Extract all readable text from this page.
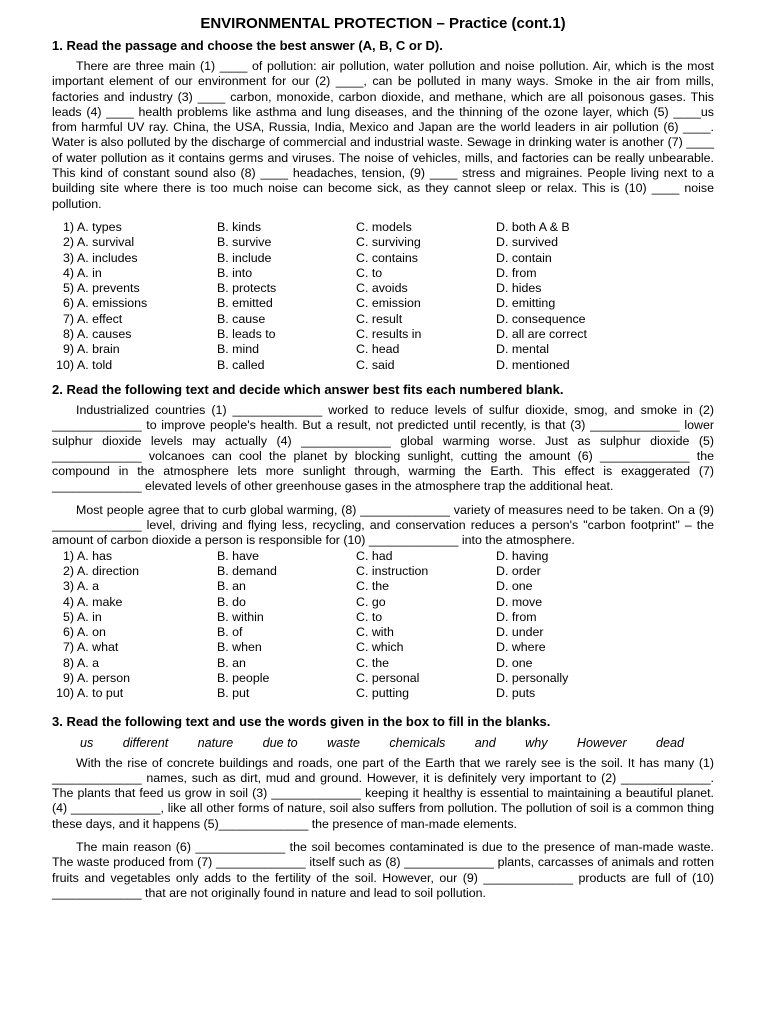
ENVIRONMENTAL PROTECTION – Practice (cont.1)
1. Read the passage and choose the best answer (A, B, C or D).

There are three main (1) ____ of pollution: air pollution, water pollution and noise pollution. Air, which is the most important element of our environment for our (2) ____, can be polluted in many ways. Smoke in the air from mills, factories and industry (3) ____ carbon, monoxide, carbon dioxide, and methane, which are all poisonous gases. This leads (4) ____ health problems like asthma and lung diseases, and the thinning of the ozone layer, which (5) ____us from harmful UV ray. China, the USA, Russia, India, Mexico and Japan are the world leaders in air pollution (6) ____. Water is also polluted by the discharge of commercial and industrial waste. Sewage in drinking water is another (7) ____ of water pollution as it contains germs and viruses. The noise of vehicles, mills, and factories can be really unbearable. This kind of constant sound also (8) ____ headaches, tension, (9) ____ stress and migraines. People living next to a building site where there is too much noise can become sick, as they cannot sleep or relax. This is (10) ____ noise pollution.

1) A. types	B. kinds	C. models	D. both A & B
2) A. survival	B. survive	C. surviving	D. survived
3) A. includes	B. include	C. contains	D. contain
4) A. in	B. into	C. to	D. from
5) A. prevents	B. protects	C. avoids	D. hides
6) A. emissions	B. emitted	C. emission	D. emitting
7) A. effect	B. cause	C. result	D. consequence
8) A. causes	B. leads to	C. results in	D. all are correct
9) A. brain	B. mind	C. head	D. mental
10) A. told	B. called	C. said	D. mentioned
2. Read the following text and decide which answer best fits each numbered blank.

Industrialized countries (1) _____________ worked to reduce levels of sulfur dioxide, smog, and smoke in (2) _____________ to improve people's health. But a result, not predicted until recently, is that (3) _____________ lower sulphur dioxide levels may actually (4) _____________ global warming worse. Just as sulphur dioxide (5) _____________ volcanoes can cool the planet by blocking sunlight, cutting the amount (6) _____________ the compound in the atmosphere lets more sunlight through, warming the Earth. This effect is exaggerated (7) _____________ elevated levels of other greenhouse gases in the atmosphere trap the additional heat.

Most people agree that to curb global warming, (8) _____________ variety of measures need to be taken. On a (9) _____________ level, driving and flying less, recycling, and conservation reduces a person's "carbon footprint" – the amount of carbon dioxide a person is responsible for (10) _____________ into the atmosphere.

1) A. has	B. have	C. had	D. having
2) A. direction	B. demand	C. instruction	D. order
3) A. a	B. an	C. the	D. one
4) A. make	B. do	C. go	D. move
5) A. in	B. within	C. to	D. from
6) A. on	B. of	C. with	D. under
7) A. what	B. when	C. which	D. where
8) A. a	B. an	C. the	D. one
9) A. person	B. people	C. personal	D. personally
10) A. to put	B. put	C. putting	D. puts
3. Read the following text and use the words given in the box to fill in the blanks.
us different nature due to waste chemicals and why However dead

With the rise of concrete buildings and roads, one part of the Earth that we rarely see is the soil. It has many (1) _____________ names, such as dirt, mud and ground. However, it is definitely very important to (2) _____________. The plants that feed us grow in soil (3) _____________ keeping it healthy is essential to maintaining a beautiful planet. (4) _____________, like all other forms of nature, soil also suffers from pollution. The pollution of soil is a common thing these days, and it happens (5)_____________ the presence of man-made elements.

The main reason (6) _____________ the soil becomes contaminated is due to the presence of man-made waste. The waste produced from (7) _____________ itself such as (8) _____________ plants, carcasses of animals and rotten fruits and vegetables only adds to the fertility of the soil. However, our (9) _____________ products are full of (10) _____________ that are not originally found in nature and lead to soil pollution.
